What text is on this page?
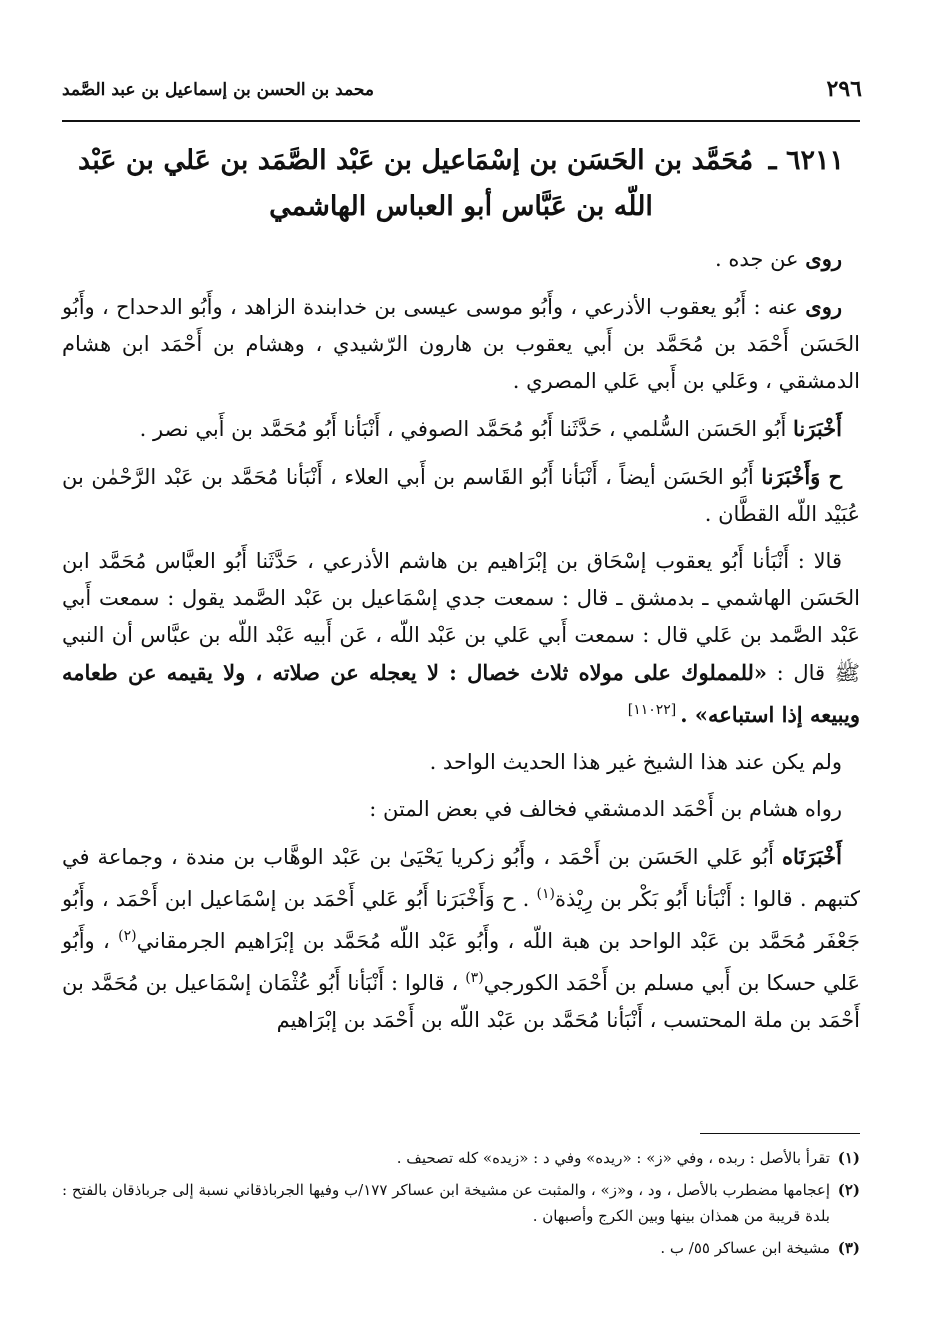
محمد بن الحسن بن إسماعيل بن عبد الصَّمد	٢٩٦
٦٢١١ ـ مُحَمَّد بن الحَسَن بن إسْمَاعيل بن عَبْد الصَّمَد بن عَلي بن عَبْد اللّه بن عَبَّاس أبو العباس الهاشمي

روى عن جده .

روى عنه : أَبُو يعقوب الأذرعي ، وأَبُو موسى عيسى بن خدابندة الزاهد ، وأَبُو الدحداح ، وأَبُو الحَسَن أَحْمَد بن مُحَمَّد بن أَبي يعقوب بن هارون الرّشيدي ، وهشام بن أَحْمَد ابن هشام الدمشقي ، وعَلي بن أَبي عَلي المصري .

أَخْبَرَنا أَبُو الحَسَن السُّلمي ، حَدَّثَنا أَبُو مُحَمَّد الصوفي ، أَنْبَأنا أَبُو مُحَمَّد بن أَبي نصر .

ح وَأَخْبَرَنا أَبُو الحَسَن أيضاً ، أَنْبَأنا أَبُو القَاسم بن أَبي العلاء ، أَنْبَأنا مُحَمَّد بن عَبْد الرَّحْمٰن بن عُبَيْد اللّه القطَّان .

قالا : أَنْبَأنا أَبُو يعقوب إسْحَاق بن إبْرَاهيم بن هاشم الأذرعي ، حَدَّثَنا أَبُو العبَّاس مُحَمَّد ابن الحَسَن الهاشمي ـ بدمشق ـ قال : سمعت جدي إسْمَاعيل بن عَبْد الصَّمد يقول : سمعت أَبي عَبْد الصَّمد بن عَلي قال : سمعت أَبي عَلي بن عَبْد اللّه ، عَن أَبيه عَبْد اللّه بن عبَّاس أن النبي ﷺ قال : «للمملوك على مولاه ثلاث خصال : لا يعجله عن صلاته ، ولا يقيمه عن طعامه ويبيعه إذا استباعه» .[١١٠٢٢]

ولم يكن عند هذا الشيخ غير هذا الحديث الواحد .

رواه هشام بن أَحْمَد الدمشقي فخالف في بعض المتن :

أَخْبَرَنَاه أَبُو عَلي الحَسَن بن أَحْمَد ، وأَبُو زكريا يَحْيَىٰ بن عَبْد الوهَّاب بن مندة ، وجماعة في كتبهم . قالوا : أَنْبَأنا أَبُو بَكْر بن رِيْذة$^{(١)}$ . ح وَأَخْبَرَنا أَبُو عَلي أَحْمَد بن إسْمَاعيل ابن أَحْمَد ، وأَبُو جَعْفَر مُحَمَّد بن عَبْد الواحد بن هبة اللّه ، وأَبُو عَبْد اللّه مُحَمَّد بن إبْرَاهيم الجرمقاني$^{(٢)}$ ، وأَبُو عَلي حسكا بن أَبي مسلم بن أَحْمَد الكورجي$^{(٣)}$ ، قالوا : أَنْبَأنا أَبُو عُثْمَان إسْمَاعيل بن مُحَمَّد بن أَحْمَد بن ملة المحتسب ، أَنْبَأنا مُحَمَّد بن عَبْد اللّه بن أَحْمَد بن إبْرَاهيم

(١)
تقرأ بالأصل : ربده ، وفي «ز» : «ريده» وفي د : «زيده» كله تصحيف .
(٢)
إعجامها مضطرب بالأصل ، ود ، و«ز» ، والمثبت عن مشيخة ابن عساكر ١٧٧/ب وفيها الجرباذقاني نسبة إلى جرباذقان بالفتح : بلدة قريبة من همذان بينها وبين الكرج وأصبهان .
(٣)
مشيخة ابن عساكر ٥٥/ ب .
